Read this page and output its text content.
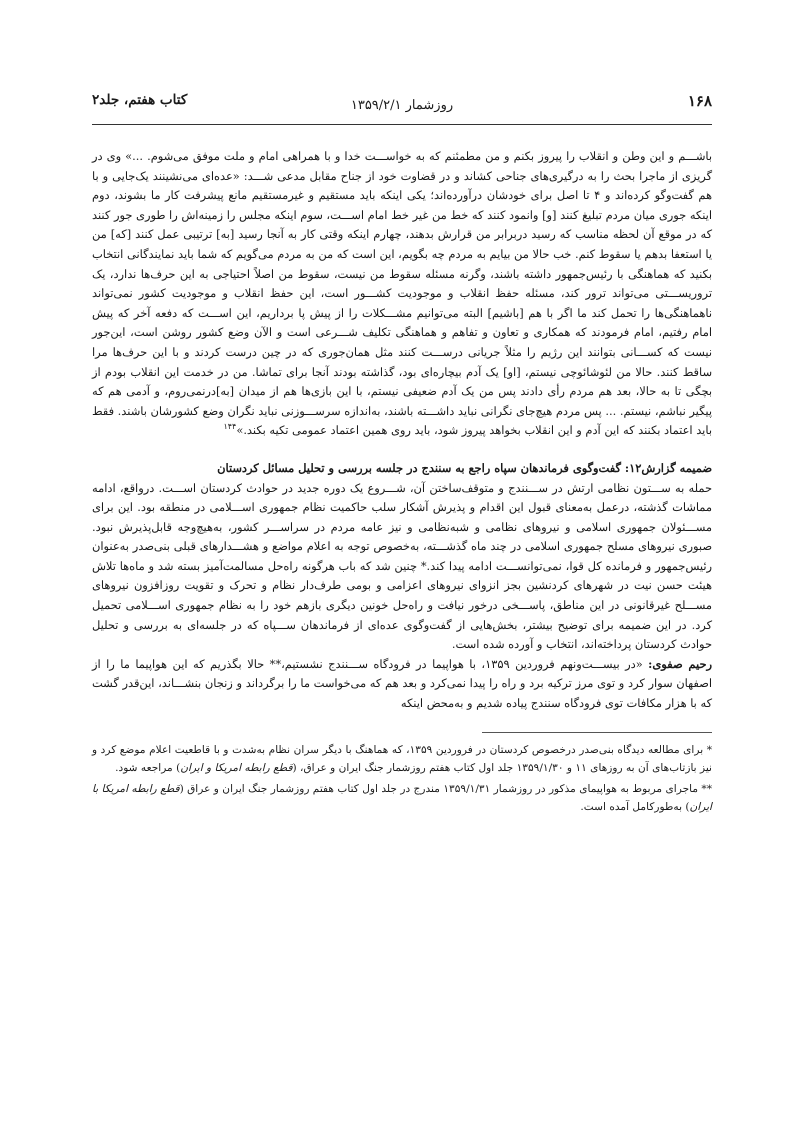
۱۶۸
روزشمار ۱۳۵۹/۲/۱
کتاب هفتم، جلد۲

باشـــم و این وطن و انقلاب را پیروز بکنم و من مطمئنم که به خواســـت خدا و با همراهی امام و ملت موفق می‌شوم. ...» وی در گریزی از ماجرا بحث را به درگیری‌های جناحی کشاند و در قضاوت خود از جناح مقابل مدعی شـــد: «عده‌ای می‌نشینند یک‌جایی و با هم گفت‌وگو کرده‌اند و ۴ تا اصل برای خودشان درآورده‌اند؛ یکی اینکه باید مستقیم و غیرمستقیم مانع پیشرفت کار ما بشوند، دوم اینکه جوری میان مردم تبلیغ کنند [و] وانمود کنند که خط من غیر خط امام اســـت، سوم اینکه مجلس را زمینه‌اش را طوری جور کنند که در موقع آن لحظه مناسب که رسید دربرابر من قرارش بدهند، چهارم اینکه وقتی کار به آنجا رسید [به] ترتیبی عمل کنند [که] من یا استعفا بدهم یا سقوط کنم. خب حالا من بیایم به مردم چه بگویم، این است که من به مردم می‌گویم که شما باید نمایندگانی انتخاب بکنید که هماهنگی با رئیس‌جمهور داشته باشند، وگرنه مسئله سقوط من نیست، سقوط من اصلاً احتیاجی به این حرف‌ها ندارد، یک تروریســـتی می‌تواند ترور کند، مسئله حفظ انقلاب و موجودیت کشـــور است، این حفظ انقلاب و موجودیت کشور نمی‌تواند ناهماهنگی‌ها را تحمل کند ما اگر با هم [باشیم] البته می‌توانیم مشـــکلات را از پیش پا برداریم، این اســـت که دفعه آخر که پیش امام رفتیم، امام فرمودند که همکاری و تعاون و تفاهم و هماهنگی تکلیف شـــرعی است و الآن وضع کشور روشن است، این‌جور نیست که کســـانی بتوانند این رژیم را مثلاً جریانی درســـت کنند مثل همان‌جوری که در چین درست کردند و با این حرف‌ها مرا ساقط کنند. حالا من لئوشائوچی نیستم، [او] یک آدم بیچاره‌ای بود، گذاشته بودند آنجا برای تماشا. من در خدمت این انقلاب بودم از بچگی تا به حالا، بعد هم مردم رأی دادند پس من یک آدم ضعیفی نیستم، با این بازی‌ها هم از میدان [به]درنمی‌روم، و آدمی هم که پیگیر نباشم، نیستم. ... پس مردم هیچ‌جای نگرانی نباید داشـــته باشند، به‌اندازه سرســـوزنی نباید نگران وضع کشورشان باشند. فقط باید اعتماد بکنند که این آدم و این انقلاب بخواهد پیروز شود، باید روی همین اعتماد عمومی تکیه بکند.»$^{۱۴۴}$

ضمیمه گزارش۱۲: گفت‌وگوی فرماندهان سپاه راجع به سنندج در جلسه بررسی و تحلیل مسائل کردستان

حمله به ســـتون نظامی ارتش در ســـنندج و متوقف‌ساختن آن، شـــروع یک دوره جدید در حوادث کردستان اســـت. درواقع، ادامه مماشات گذشته، درعمل به‌معنای قبول این اقدام و پذیرش آشکار سلب حاکمیت نظام جمهوری اســـلامی در منطقه بود. این برای مســـئولان جمهوری اسلامی و نیروهای نظامی و شبه‌نظامی و نیز عامه مردم در سراســـر کشور، به‌هیچ‌وجه قابل‌پذیرش نبود. صبوری نیروهای مسلح جمهوری اسلامی در چند ماه گذشـــته، به‌خصوص توجه به اعلام مواضع و هشـــدارهای قبلی بنی‌صدر به‌عنوان رئیس‌جمهور و فرمانده کل قوا، نمی‌توانســـت ادامه پیدا کند.* چنین شد که باب هرگونه راه‌حل مسالمت‌آمیز بسته شد و ماه‌ها تلاش هیئت حسن نیت در شهرهای کردنشین بجز انزوای نیروهای اعزامی و بومی طرف‌دار نظام و تحرک و تقویت روزافزون نیروهای مســـلح غیرقانونی در این مناطق، پاســـخی درخور نیافت و راه‌حل خونین دیگری بازهم خود را به نظام جمهوری اســـلامی تحمیل کرد. در این ضمیمه برای توضیح بیشتر، بخش‌هایی از گفت‌وگوی عده‌ای از فرماندهان ســـپاه که در جلسه‌ای به بررسی و تحلیل حوادث کردستان پرداخته‌اند، انتخاب و آورده شده است.

رحیم صفوی: «در بیســـت‌ونهم فروردین ۱۳۵۹، با هواپیما در فرودگاه ســـنندج نشستیم،** حالا بگذریم که این هواپیما ما را از اصفهان سوار کرد و توی مرز ترکیه برد و راه را پیدا نمی‌کرد و بعد هم که می‌خواست ما را برگرداند و زنجان بنشـــاند، این‌قدر گشت که با هزار مکافات توی فرودگاه سنندج پیاده شدیم و به‌محض اینکه

* برای مطالعه دیدگاه بنی‌صدر درخصوص کردستان در فروردین ۱۳۵۹، که هماهنگ با دیگر سران نظام به‌شدت و با قاطعیت اعلام موضع کرد و نیز بازتاب‌های آن به روزهای ۱۱ و ۱۳۵۹/۱/۳۰ جلد اول کتاب هفتم روزشمار جنگ ایران و عراق، (قطع رابطه امریکا و ایران) مراجعه شود.

** ماجرای مربوط به هواپیمای مذکور در روزشمار ۱۳۵۹/۱/۳۱ مندرج در جلد اول کتاب هفتم روزشمار جنگ ایران و عراق (قطع رابطه امریکا با ایران) به‌طورکامل آمده است.
